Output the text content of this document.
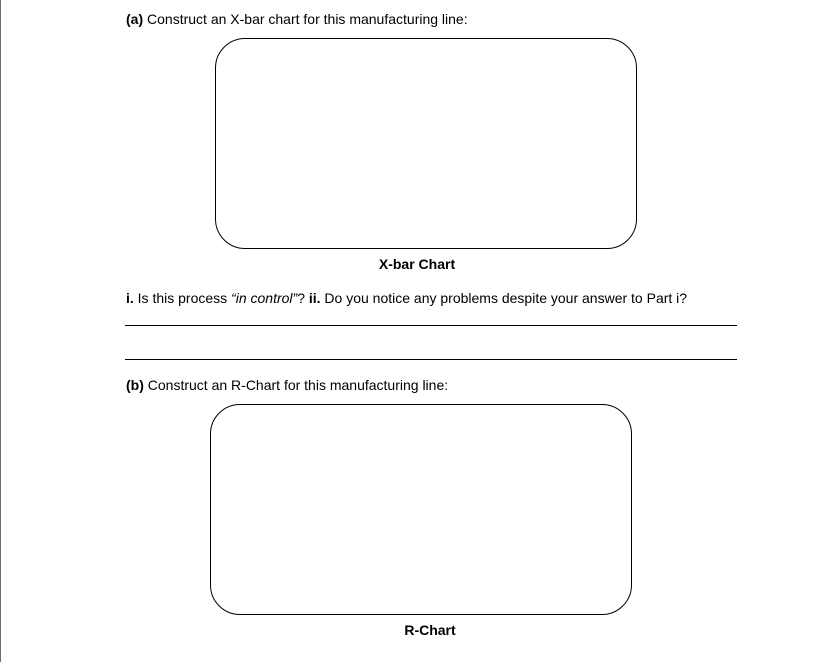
(a) Construct an X-bar chart for this manufacturing line:
X-bar Chart
i. Is this process “in control”? ii. Do you notice any problems despite your answer to Part i?
(b) Construct an R-Chart for this manufacturing line:
R-Chart
